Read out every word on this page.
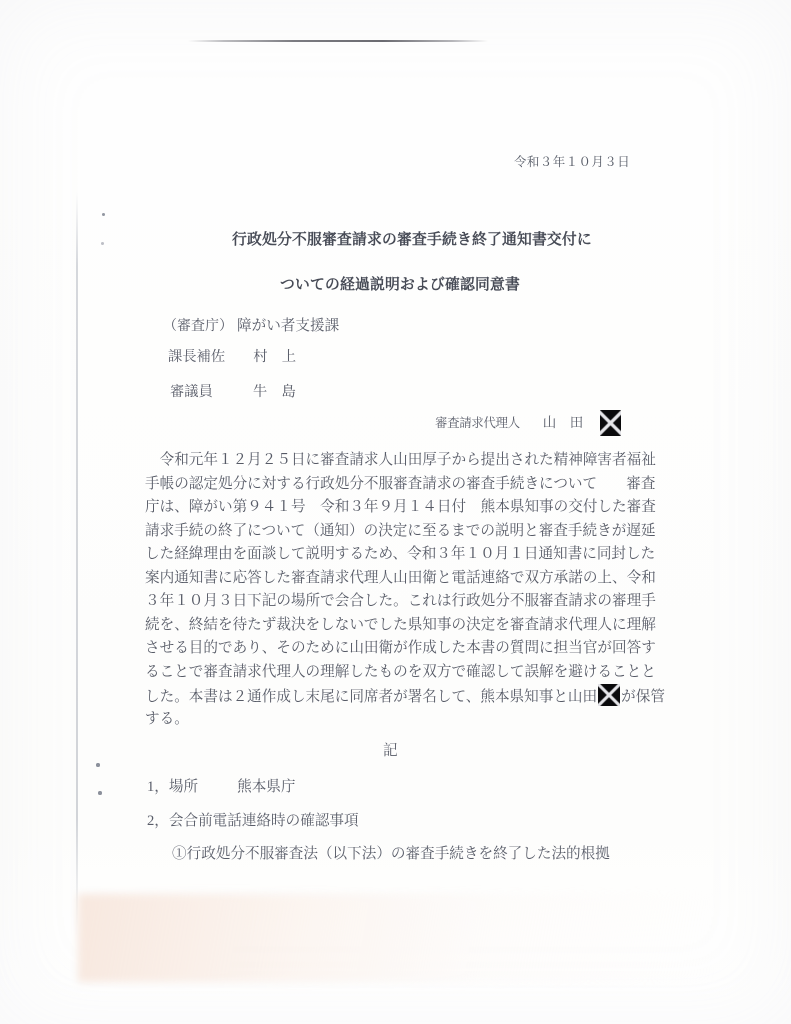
令和３年１０月３日
行政処分不服審査請求の審査手続き終了通知書交付に
ついての経過説明および確認同意書
（審査庁） 障がい者支援課
課長補佐 村　上
審議員	牛　島
審査請求代理人 山　田
　令和元年１２月２５日に審査請求人山田厚子から提出された精神障害者福祉
手帳の認定処分に対する行政処分不服審査請求の審査手続きについて　　審査
庁は、障がい第９４１号　令和３年９月１４日付　熊本県知事の交付した審査
請求手続の終了について（通知）の決定に至るまでの説明と審査手続きが遅延
した経緯理由を面談して説明するため、令和３年１０月１日通知書に同封した
案内通知書に応答した審査請求代理人山田衛と電話連絡で双方承諾の上、令和
３年１０月３日下記の場所で会合した。これは行政処分不服審査請求の審理手
続を、終結を待たず裁決をしないでした県知事の決定を審査請求代理人に理解
させる目的であり、そのために山田衛が作成した本書の質問に担当官が回答す
ることで審査請求代理人の理解したものを双方で確認して誤解を避けることと
した。本書は２通作成し末尾に同席者が署名して、熊本県知事と山田 が保管
する。
記
1，場所	熊本県庁
2，会合前電話連絡時の確認事項
①行政処分不服審査法（以下法）の審査手続きを終了した法的根拠
